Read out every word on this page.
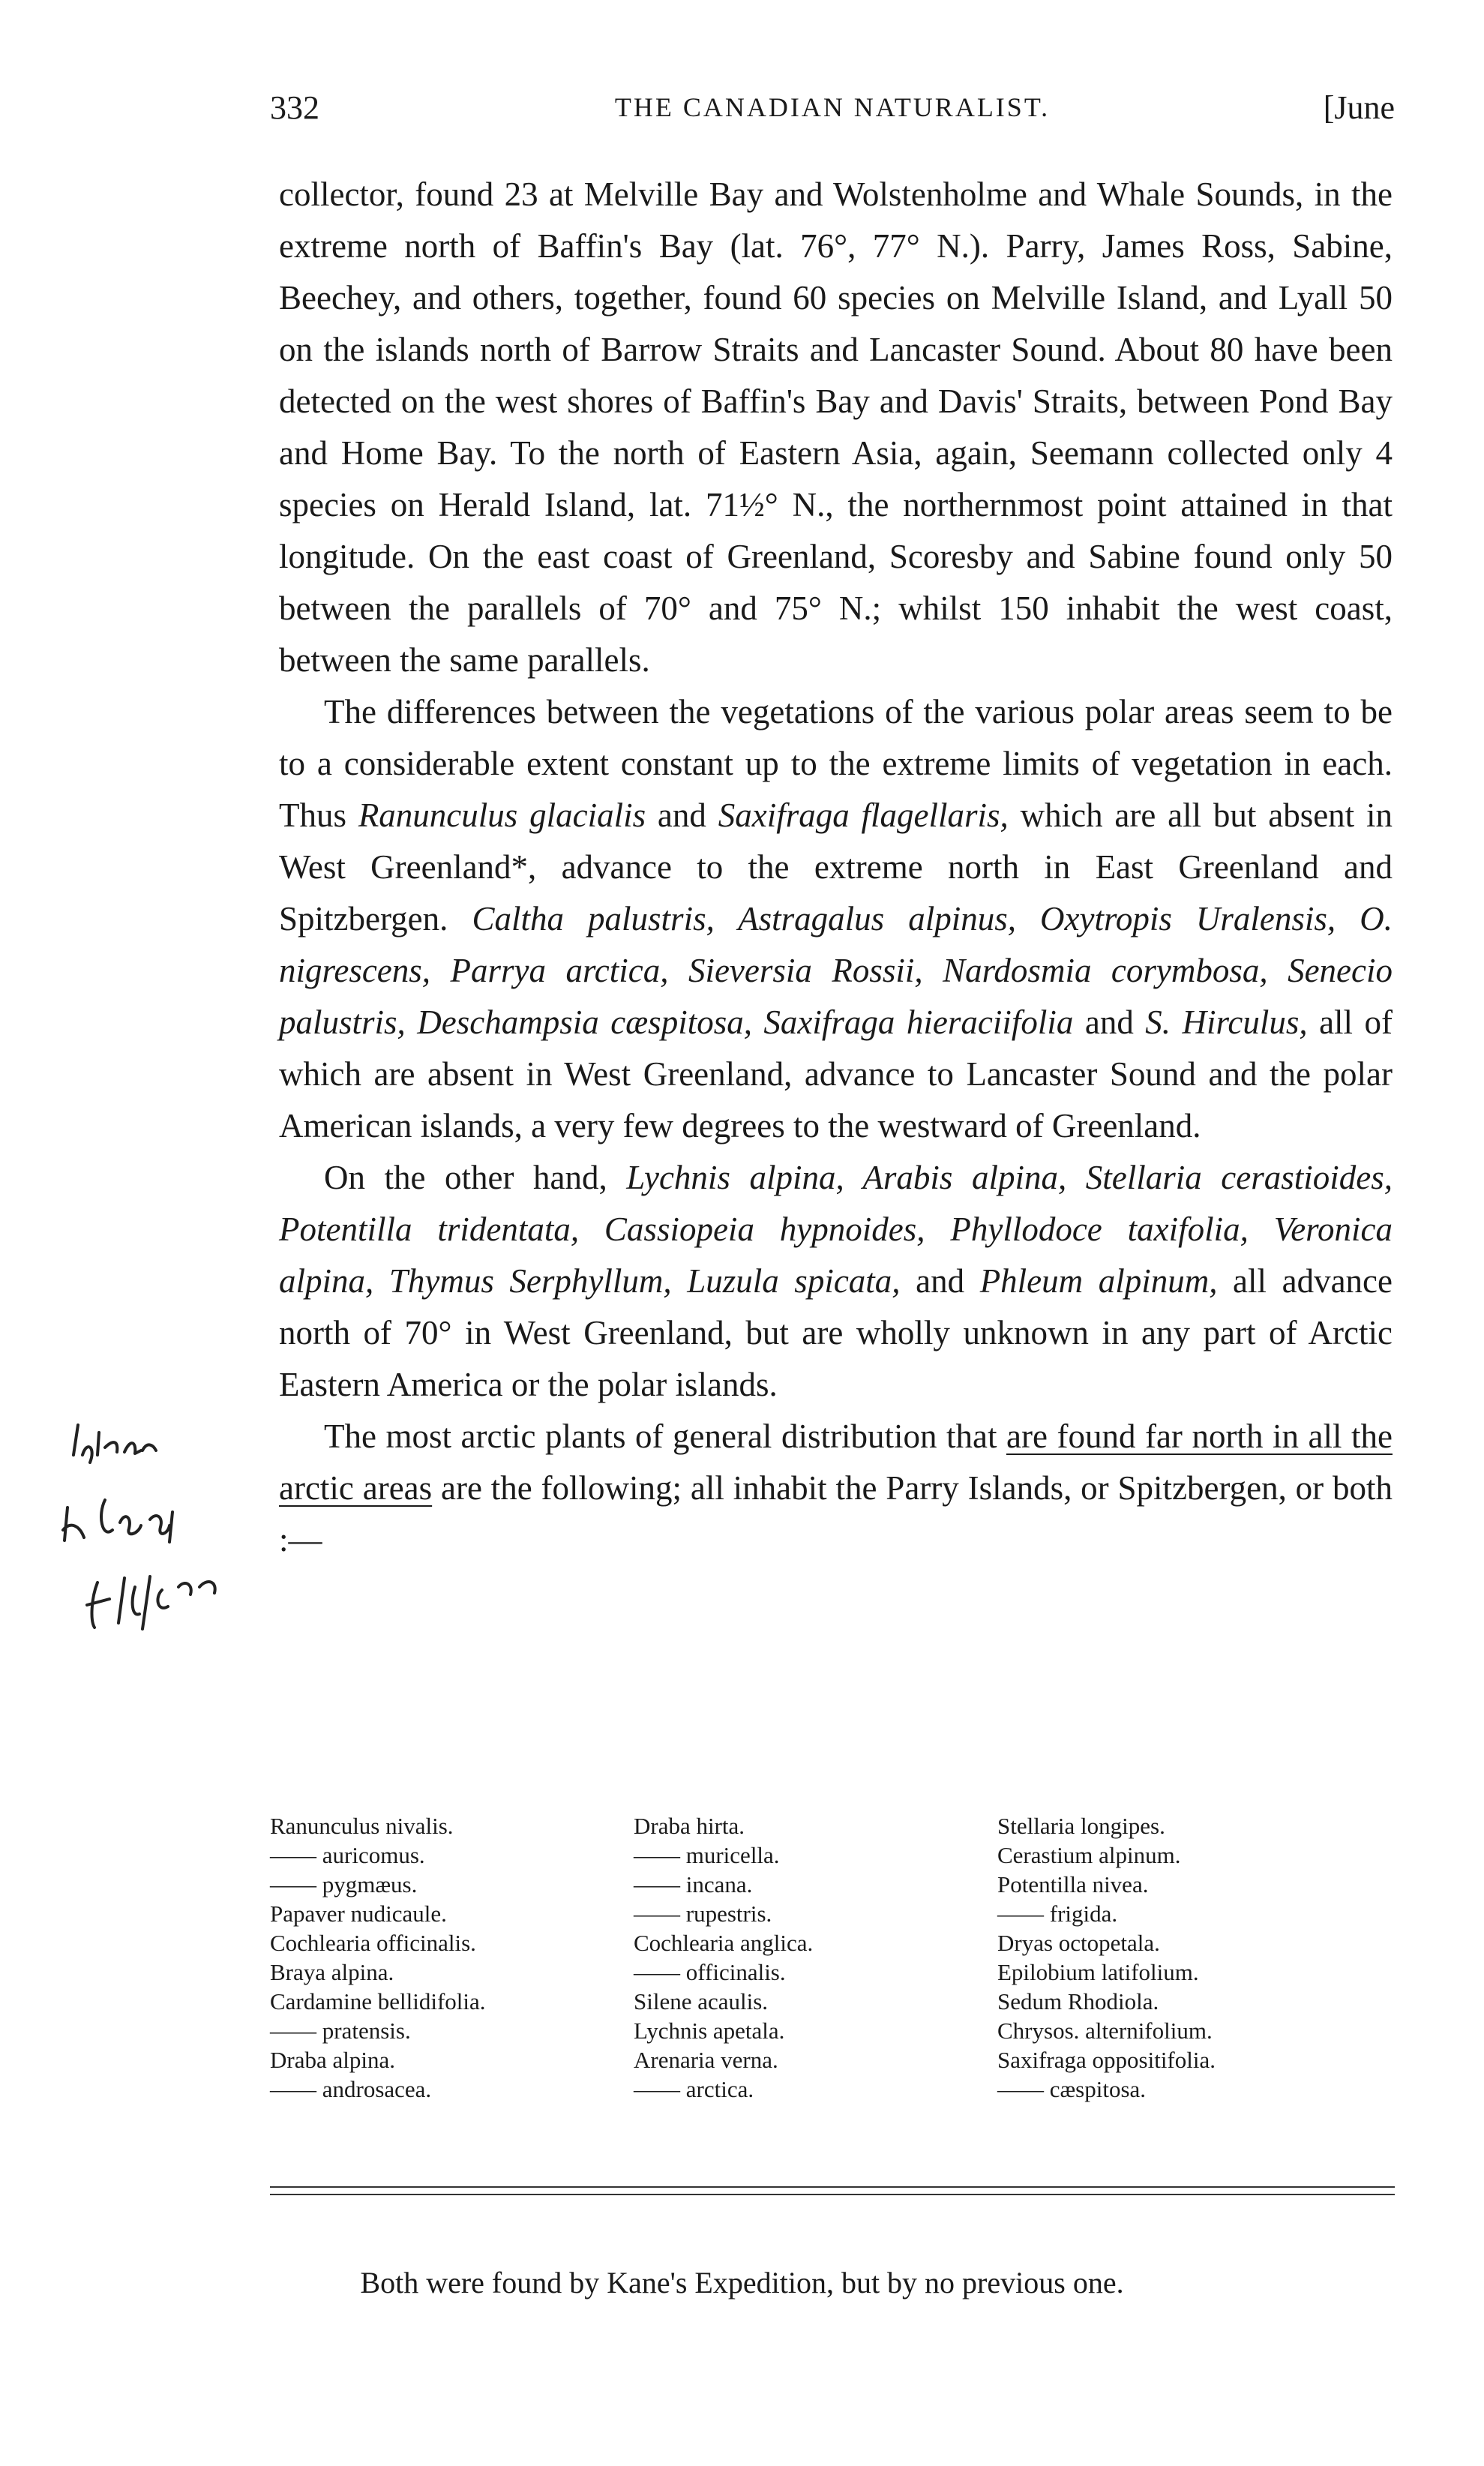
332	THE CANADIAN NATURALIST.	[June

collector, found 23 at Melville Bay and Wolstenholme and Whale Sounds, in the extreme north of Baffin's Bay (lat. 76°, 77° N.). Parry, James Ross, Sabine, Beechey, and others, together, found 60 species on Melville Island, and Lyall 50 on the islands north of Barrow Straits and Lancaster Sound. About 80 have been detected on the west shores of Baffin's Bay and Davis' Straits, between Pond Bay and Home Bay. To the north of Eastern Asia, again, Seemann collected only 4 species on Herald Island, lat. 71½° N., the northernmost point attained in that longitude. On the east coast of Greenland, Scoresby and Sabine found only 50 between the parallels of 70° and 75° N.; whilst 150 inhabit the west coast, between the same parallels.

The differences between the vegetations of the various polar areas seem to be to a considerable extent constant up to the extreme limits of vegetation in each. Thus Ranunculus glacialis and Saxifraga flagellaris, which are all but absent in West Greenland*, advance to the extreme north in East Greenland and Spitzbergen. Caltha palustris, Astragalus alpinus, Oxytropis Uralensis, O. nigrescens, Parrya arctica, Sieversia Rossii, Nardosmia corymbosa, Senecio palustris, Deschampsia cæspitosa, Saxifraga hieraciifolia and S. Hirculus, all of which are absent in West Greenland, advance to Lancaster Sound and the polar American islands, a very few degrees to the westward of Greenland.

On the other hand, Lychnis alpina, Arabis alpina, Stellaria cerastioides, Potentilla tridentata, Cassiopeia hypnoides, Phyllodoce taxifolia, Veronica alpina, Thymus Serphyllum, Luzula spicata, and Phleum alpinum, all advance north of 70° in West Greenland, but are wholly unknown in any part of Arctic Eastern America or the polar islands.

The most arctic plants of general distribution that are found far north in all the arctic areas are the following; all inhabit the Parry Islands, or Spitzbergen, or both :—

Ranunculus nivalis.
—— auricomus.
—— pygmæus.
Papaver nudicaule.
Cochlearia officinalis.
Braya alpina.
Cardamine bellidifolia.
—— pratensis.
Draba alpina.
—— androsacea.
Draba hirta.
—— muricella.
—— incana.
—— rupestris.
Cochlearia anglica.
—— officinalis.
Silene acaulis.
Lychnis apetala.
Arenaria verna.
—— arctica.
Stellaria longipes.
Cerastium alpinum.
Potentilla nivea.
—— frigida.
Dryas octopetala.
Epilobium latifolium.
Sedum Rhodiola.
Chrysos. alternifolium.
Saxifraga oppositifolia.
—— cæspitosa.
Both were found by Kane's Expedition, but by no previous one.
